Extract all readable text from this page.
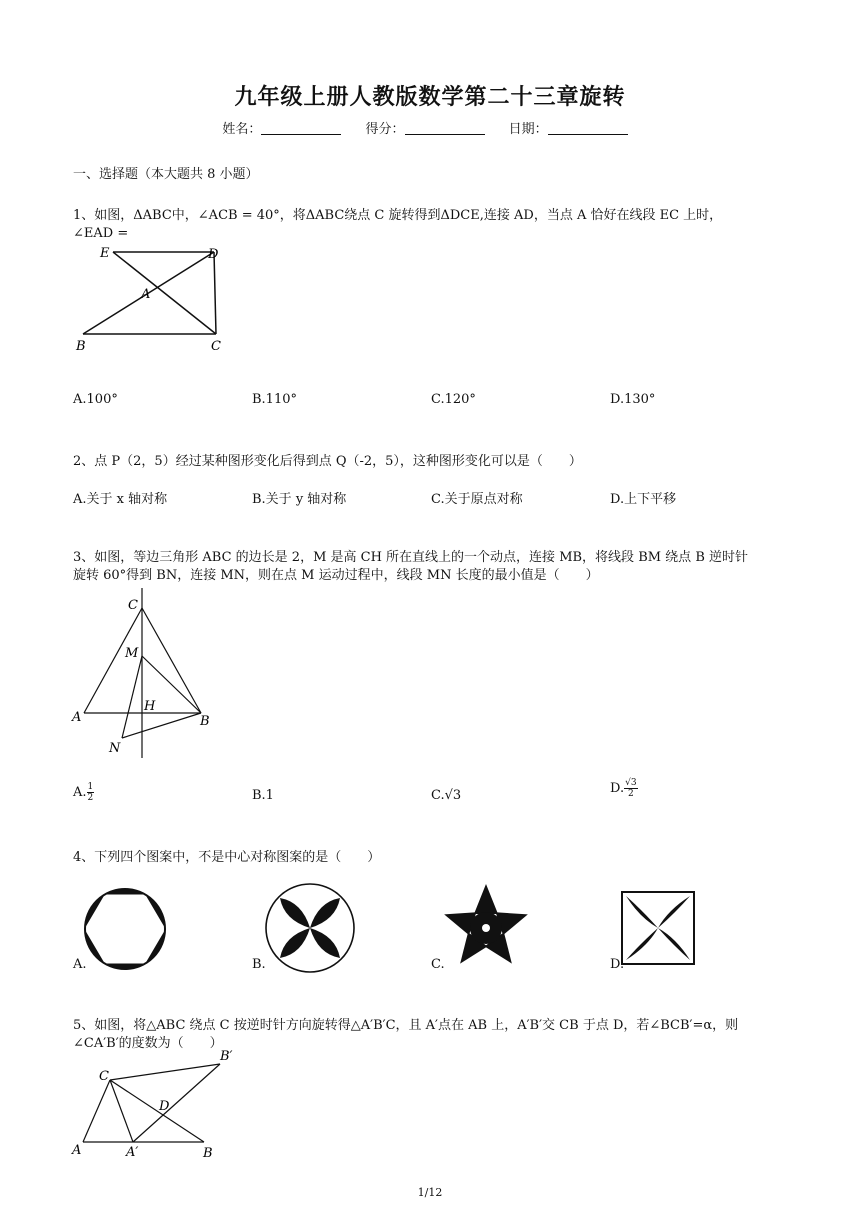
九年级上册人教版数学第二十三章旋转
姓名：	得分：	日期：
一、选择题（本大题共 8 小题）
1、如图，ΔABC中，∠ACB = 40°，将ΔABC绕点 C 旋转得到ΔDCE,连接 AD，当点 A 恰好在线段 EC 上时，
∠EAD =
E	D
A
B	C
A.100°	B.110°	C.120°	D.130°
2、点 P（2，5）经过某种图形变化后得到点 Q（-2，5），这种图形变化可以是（　　）
A.关于 x 轴对称	B.关于 y 轴对称	C.关于原点对称	D.上下平移
3、如图，等边三角形 ABC 的边长是 2，M 是高 CH 所在直线上的一个动点，连接 MB，将线段 BM 绕点 B 逆时针
旋转 60°得到 BN，连接 MN，则在点 M 运动过程中，线段 MN 长度的最小值是（　　）
C
M
H
A	B
N
A. $\frac{1}{2}$	B.1	C.√3	D. $\frac{√3}{2}$
4、下列四个图案中，不是中心对称图案的是（　　）
A.	B.	C.	D.
5、如图，将△ABC 绕点 C 按逆时针方向旋转得△A′B′C，且 A′点在 AB 上，A′B′交 CB 于点 D，若∠BCB′=α，则
∠CA′B′的度数为（　　）
C
B′
D
A	A′	B
1/12
